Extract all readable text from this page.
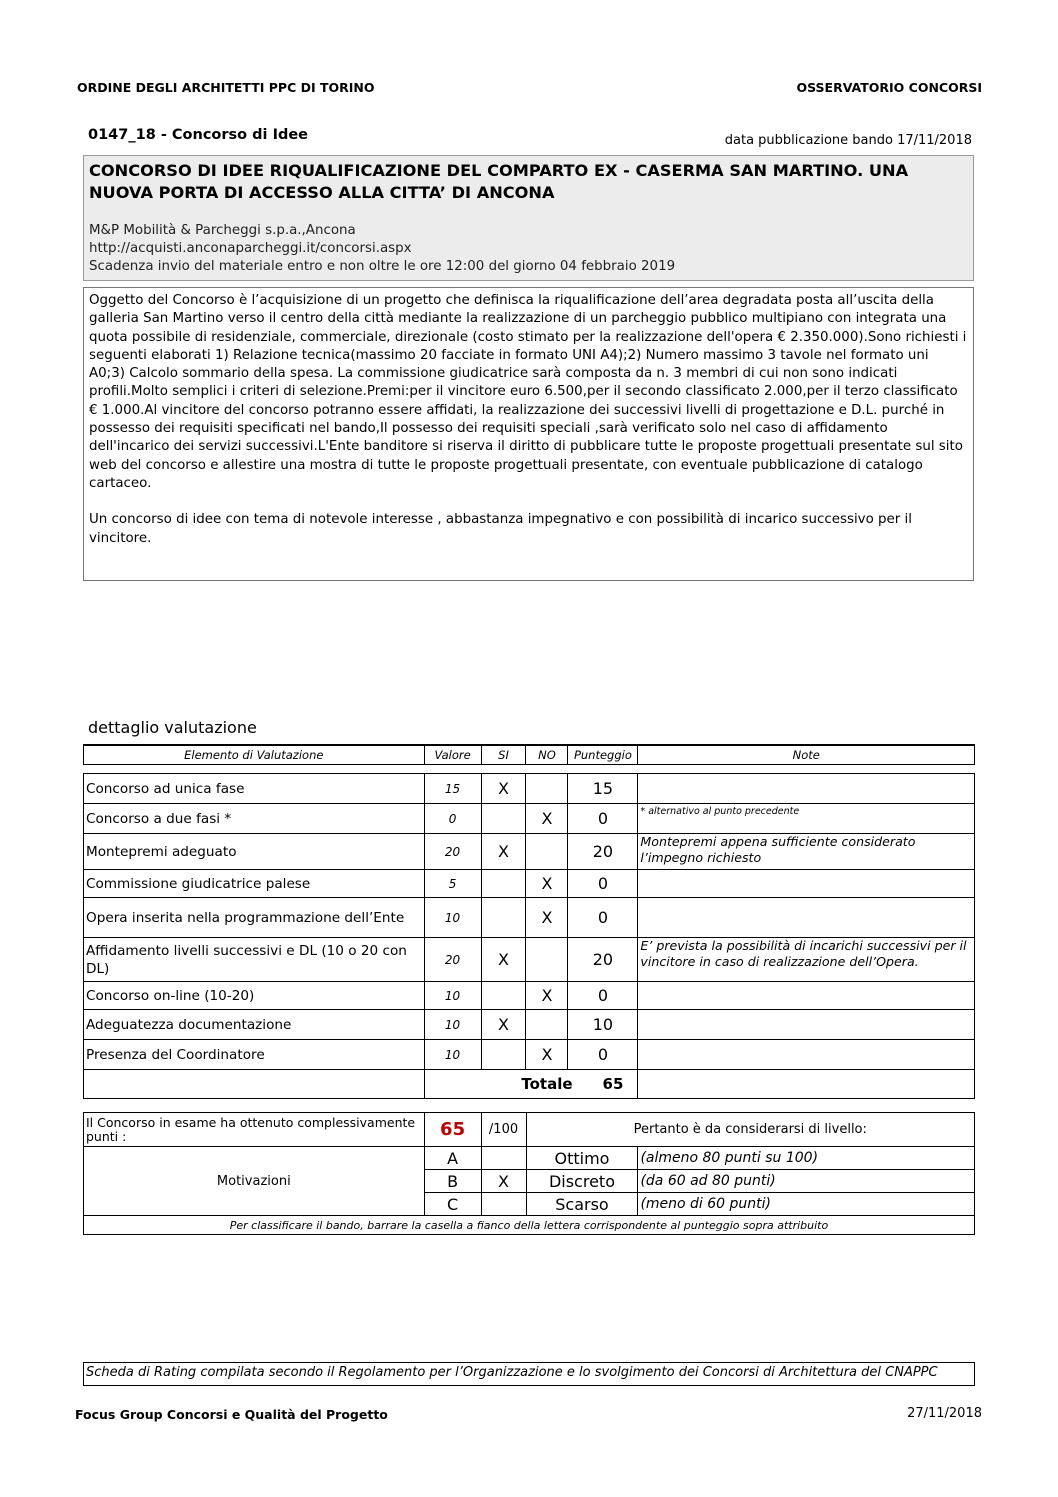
ORDINE DEGLI ARCHITETTI PPC DI TORINO	OSSERVATORIO CONCORSI
0147_18 - Concorso di Idee	data pubblicazione bando 17/11/2018
CONCORSO DI IDEE RIQUALIFICAZIONE DEL COMPARTO EX - CASERMA SAN MARTINO. UNA
NUOVA PORTA DI ACCESSO ALLA CITTA’ DI ANCONA
M&P Mobilità & Parcheggi s.p.a.,Ancona
http://acquisti.anconaparcheggi.it/concorsi.aspx
Scadenza invio del materiale entro e non oltre le ore 12:00 del giorno 04 febbraio 2019

Oggetto del Concorso è l’acquisizione di un progetto che definisca la riqualificazione dell’area degradata posta all’uscita della galleria San Martino verso il centro della città mediante la realizzazione di un parcheggio pubblico multipiano con integrata una quota possibile di residenziale, commerciale, direzionale (costo stimato per la realizzazione dell'opera € 2.350.000).Sono richiesti i seguenti elaborati 1) Relazione tecnica(massimo 20 facciate in formato UNI A4);2) Numero massimo 3 tavole nel formato uni A0;3) Calcolo sommario della spesa. La commissione giudicatrice sarà composta da n. 3 membri di cui non sono indicati profili.Molto semplici i criteri di selezione.Premi:per il vincitore euro 6.500,per il secondo classificato 2.000,per il terzo classificato € 1.000.Al vincitore del concorso potranno essere affidati, la realizzazione dei successivi livelli di progettazione e D.L. purché in possesso dei requisiti specificati nel bando,Il possesso dei requisiti speciali ,sarà verificato solo nel caso di affidamento dell'incarico dei servizi successivi.L'Ente banditore si riserva il diritto di pubblicare tutte le proposte progettuali presentate sul sito web del concorso e allestire una mostra di tutte le proposte progettuali presentate, con eventuale pubblicazione di catalogo cartaceo.

Un concorso di idee con tema di notevole interesse , abbastanza impegnativo e con possibilità di incarico successivo per il vincitore.

dettaglio valutazione
Elemento di Valutazione	Valore	SI	NO	Punteggio	Note

Concorso ad unica fase	15	X		15	
Concorso a due fasi *	0		X	0	* alternativo al punto precedente
Montepremi adeguato	20	X		20	Montepremi appena sufficiente considerato l’impegno richiesto
Commissione giudicatrice palese	5		X	0	
Opera inserita nella programmazione dell’Ente	10		X	0	
Affidamento livelli successivi e DL (10 o 20 con DL)	20	X		20	E’ prevista la possibilità di incarichi successivi per il vincitore in caso di realizzazione dell’Opera.
Concorso on-line (10-20)	10		X	0	
Adeguatezza documentazione	10	X		10	
Presenza del Coordinatore	10		X	0	
	Totale 65				
Il Concorso in esame ha ottenuto complessivamente punti :	65	/100	Pertanto è da considerarsi di livello:	
Motivazioni	A		Ottimo	(almeno 80 punti su 100)
	B	X	Discreto	(da 60 ad 80 punti)
	C		Scarso	(meno di 60 punti)
Per classificare il bando, barrare la casella a fianco della lettera corrispondente al punteggio sopra attribuito				
Scheda di Rating compilata secondo il Regolamento per l’Organizzazione e lo svolgimento dei Concorsi di Architettura del CNAPPC
Focus Group Concorsi e Qualità del Progetto	27/11/2018
